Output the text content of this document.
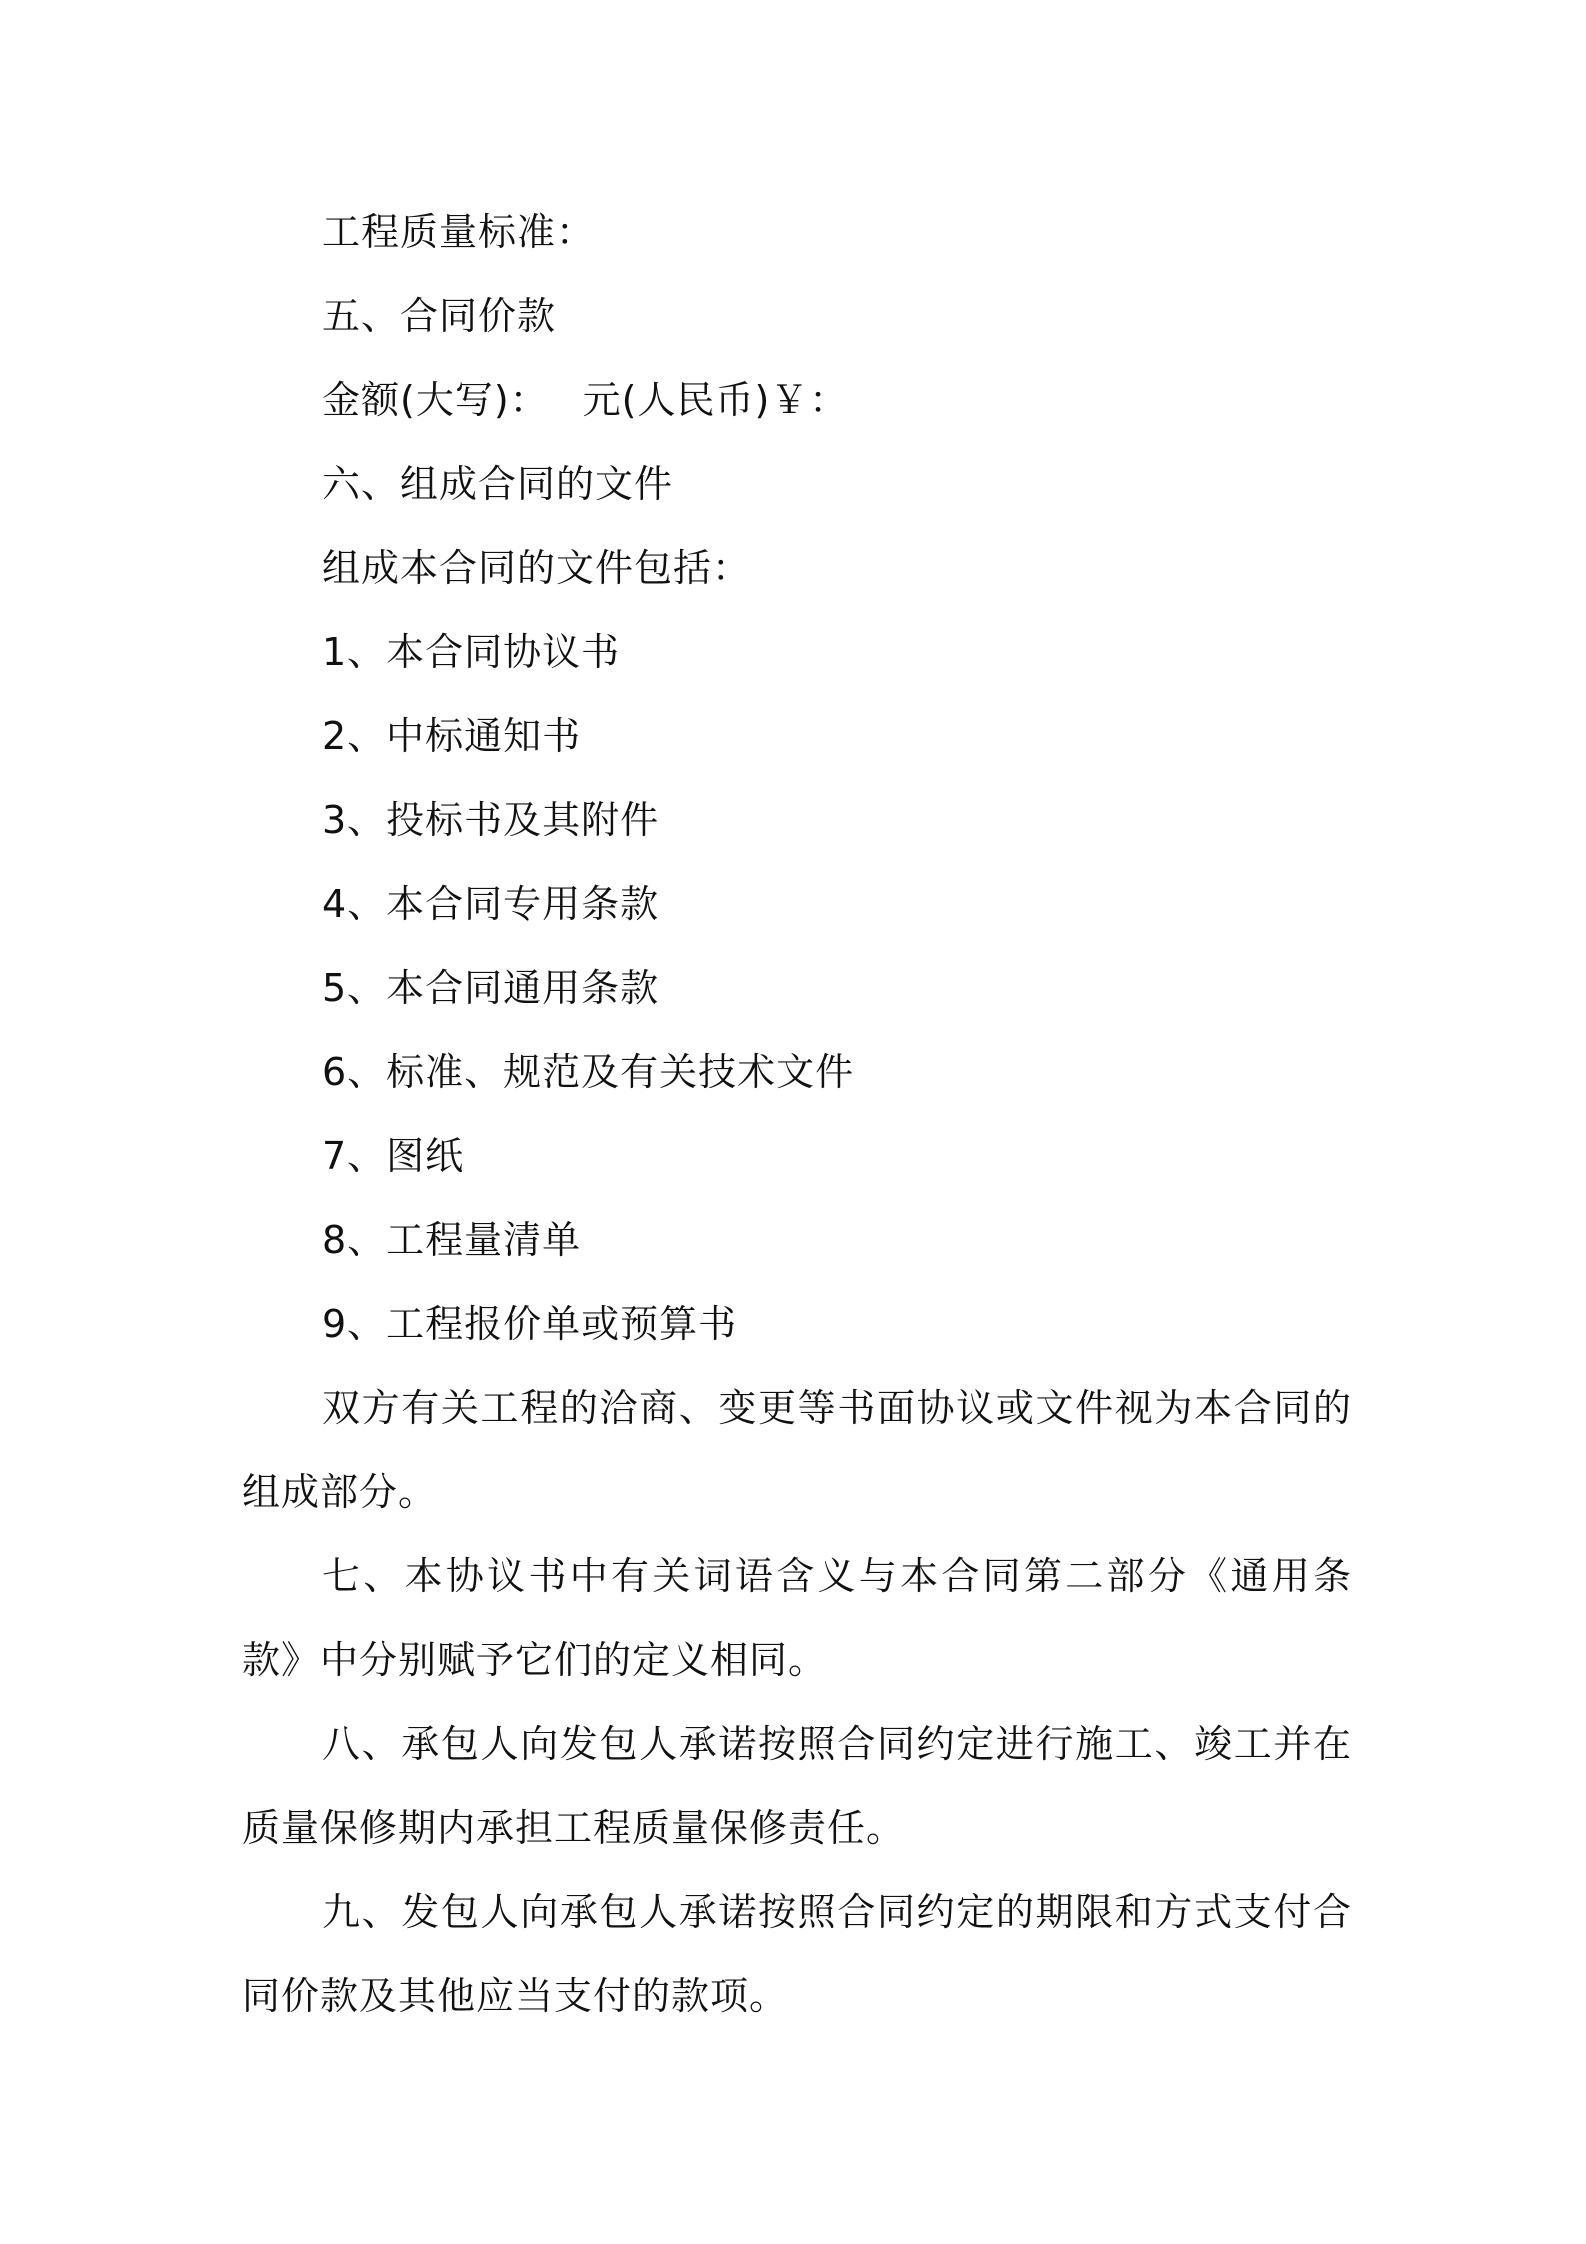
工程质量标准：
五、合同价款
金额(大写)： 元(人民币)￥：
六、组成合同的文件
组成本合同的文件包括：
1、本合同协议书
2、中标通知书
3、投标书及其附件
4、本合同专用条款
5、本合同通用条款
6、标准、规范及有关技术文件
7、图纸
8、工程量清单
9、工程报价单或预算书

双方有关工程的洽商、变更等书面协议或文件视为本合同的组成部分。

七、本协议书中有关词语含义与本合同第二部分《通用条款》中分别赋予它们的定义相同。

八、承包人向发包人承诺按照合同约定进行施工、竣工并在质量保修期内承担工程质量保修责任。

九、发包人向承包人承诺按照合同约定的期限和方式支付合同价款及其他应当支付的款项。
